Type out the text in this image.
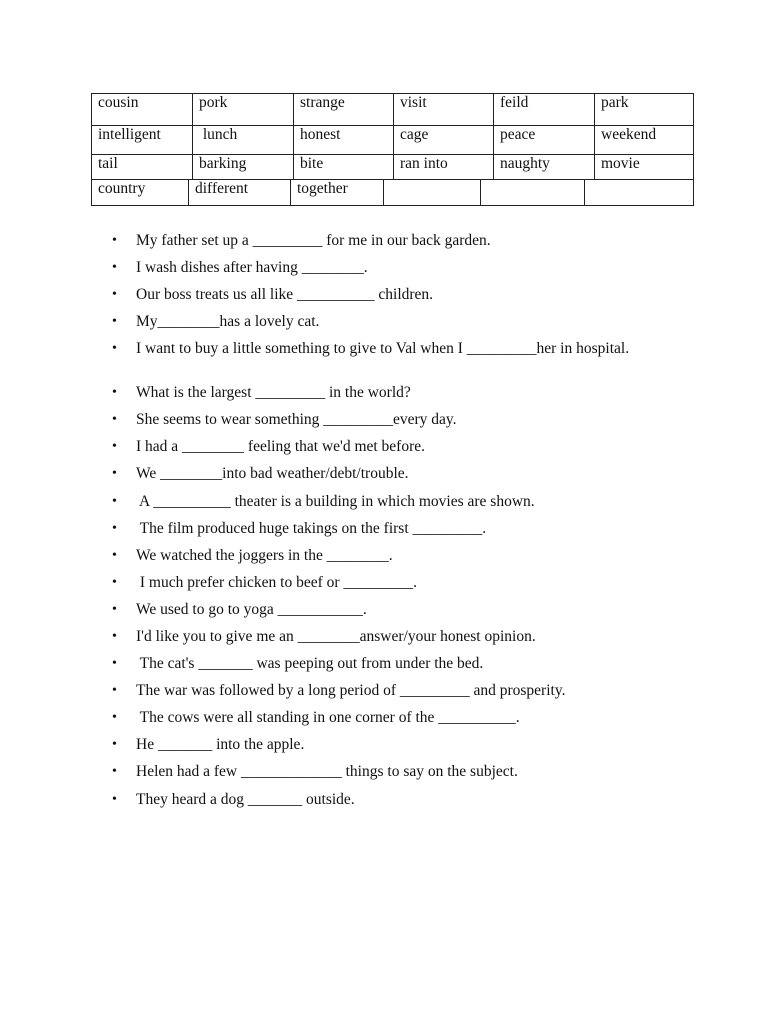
cousin	pork	strange	visit	feild	park
intelligent	lunch	honest	cage	peace	weekend
tail	barking	bite	ran into	naughty	movie
country	different	together
• My father set up a _________ for me in our back garden.
• I wash dishes after having ________.
• Our boss treats us all like __________ children.
• My________has a lovely cat.
• I want to buy a little something to give to Val when I _________her in hospital.
• What is the largest _________ in the world?
• She seems to wear something _________every day.
• I had a ________ feeling that we'd met before.
• We ________into bad weather/debt/trouble.
• A __________ theater is a building in which movies are shown.
• The film produced huge takings on the first _________.
• We watched the joggers in the ________.
• I much prefer chicken to beef or _________.
• We used to go to yoga ___________.
• I'd like you to give me an ________answer/your honest opinion.
• The cat's _______ was peeping out from under the bed.
• The war was followed by a long period of _________ and prosperity.
• The cows were all standing in one corner of the __________.
• He _______ into the apple.
• Helen had a few _____________ things to say on the subject.
• They heard a dog _______ outside.
